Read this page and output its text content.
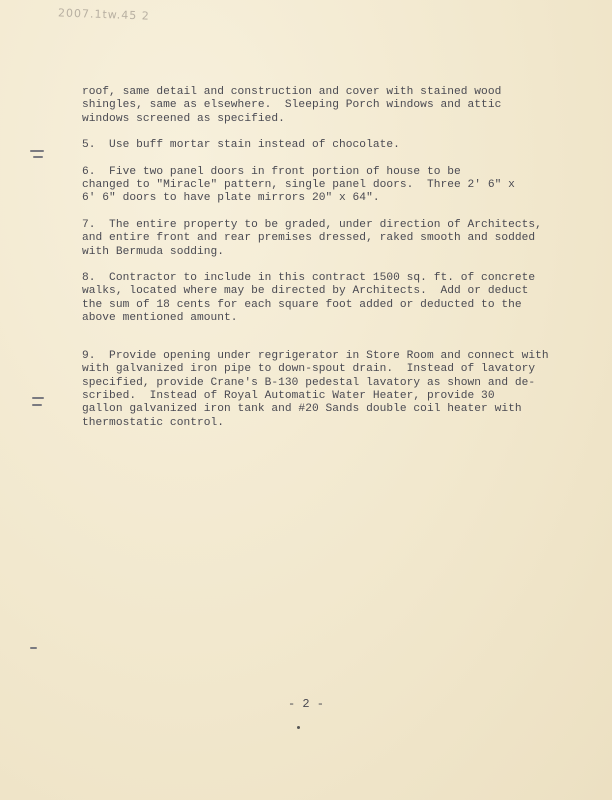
2007.1tw.45 2

roof, same detail and construction and cover with stained wood
shingles, same as elsewhere.  Sleeping Porch windows and attic
windows screened as specified.

5.  Use buff mortar stain instead of chocolate.

6.  Five two panel doors in front portion of house to be
changed to "Miracle" pattern, single panel doors.  Three 2' 6" x
6' 6" doors to have plate mirrors 20" x 64".

7.  The entire property to be graded, under direction of Architects,
and entire front and rear premises dressed, raked smooth and sodded
with Bermuda sodding.

8.  Contractor to include in this contract 1500 sq. ft. of concrete
walks, located where may be directed by Architects.  Add or deduct
the sum of 18 cents for each square foot added or deducted to the
above mentioned amount.

9.  Provide opening under regrigerator in Store Room and connect with
with galvanized iron pipe to down-spout drain.  Instead of lavatory
specified, provide Crane's B-130 pedestal lavatory as shown and de-
scribed.  Instead of Royal Automatic Water Heater, provide 30
gallon galvanized iron tank and #20 Sands double coil heater with
thermostatic control.

- 2 -
